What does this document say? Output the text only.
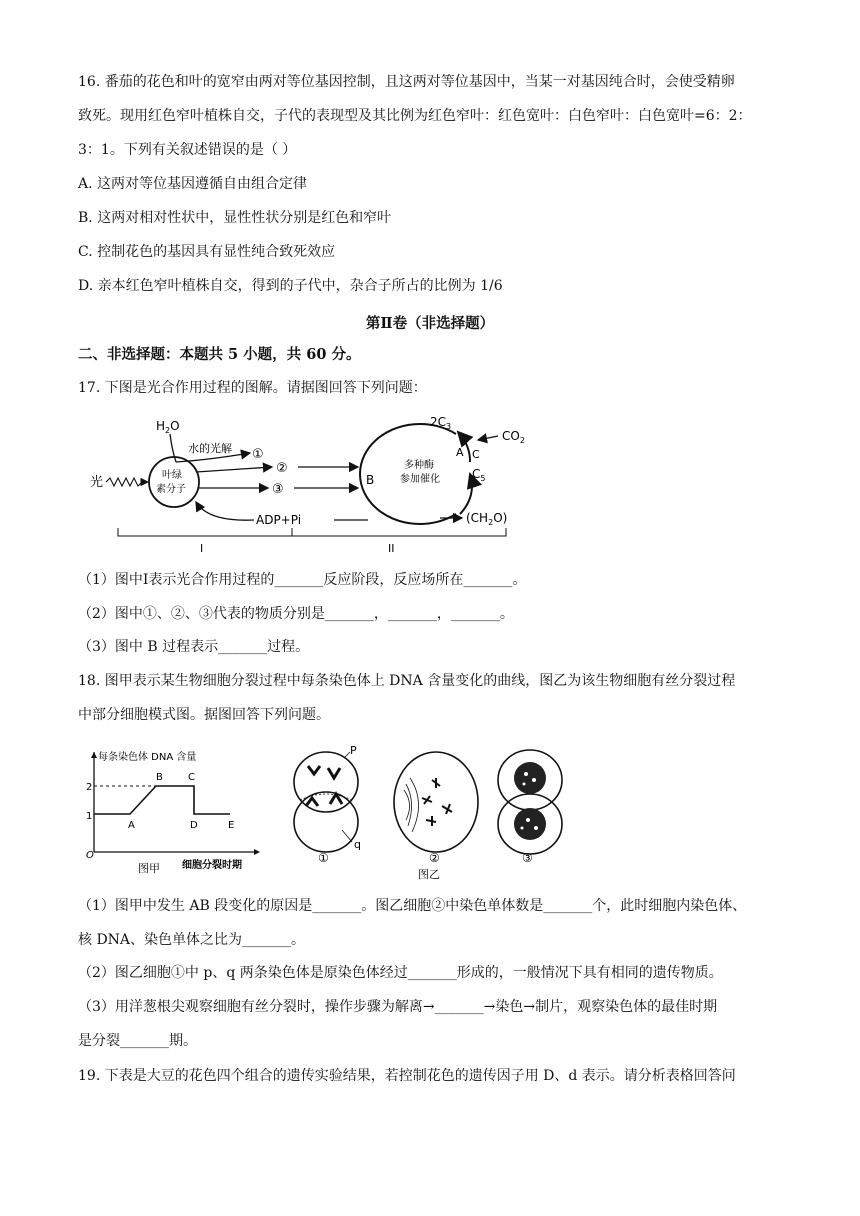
16. 番茄的花色和叶的宽窄由两对等位基因控制，且这两对等位基因中，当某一对基因纯合时，会使受精卵
致死。现用红色窄叶植株自交，子代的表现型及其比例为红色窄叶：红色宽叶：白色窄叶：白色宽叶=6：2：
3：1。下列有关叙述错误的是（ ）
A. 这两对等位基因遵循自由组合定律
B. 这两对相对性状中，显性性状分别是红色和窄叶
C. 控制花色的基因具有显性纯合致死效应
D. 亲本红色窄叶植株自交，得到的子代中，杂合子所占的比例为 1/6
第Ⅱ卷（非选择题）
二、非选择题：本题共 5 小题，共 60 分。
17. 下图是光合作用过程的图解。请据图回答下列问题：
$H_2O$
水的光解 ①
叶绿
素分子
光
②
③
ADP+Pi
B
多种酶
参加催化
$2C_3$
A
$CO_2$
$C_5$
C
$(CH_2O)$
I	II
（1）图中Ⅰ表示光合作用过程的_______反应阶段，反应场所在_______。
（2）图中①、②、③代表的物质分别是_______，_______，_______。
（3）图中 B 过程表示_______过程。
18. 图甲表示某生物细胞分裂过程中每条染色体上 DNA 含量变化的曲线，图乙为该生物细胞有丝分裂过程
中部分细胞模式图。据图回答下列问题。
每条染色体 DNA 含量
2
1
O
A
B	C
D	E
细胞分裂时期
图甲
P
q
①	②
图乙
③
（1）图甲中发生 AB 段变化的原因是_______。图乙细胞②中染色单体数是_______个，此时细胞内染色体、
核 DNA、染色单体之比为_______。
（2）图乙细胞①中 p、q 两条染色体是原染色体经过_______形成的，一般情况下具有相同的遗传物质。
（3）用洋葱根尖观察细胞有丝分裂时，操作步骤为解离→_______→染色→制片，观察染色体的最佳时期
是分裂_______期。
19. 下表是大豆的花色四个组合的遗传实验结果，若控制花色的遗传因子用 D、d 表示。请分析表格回答问
